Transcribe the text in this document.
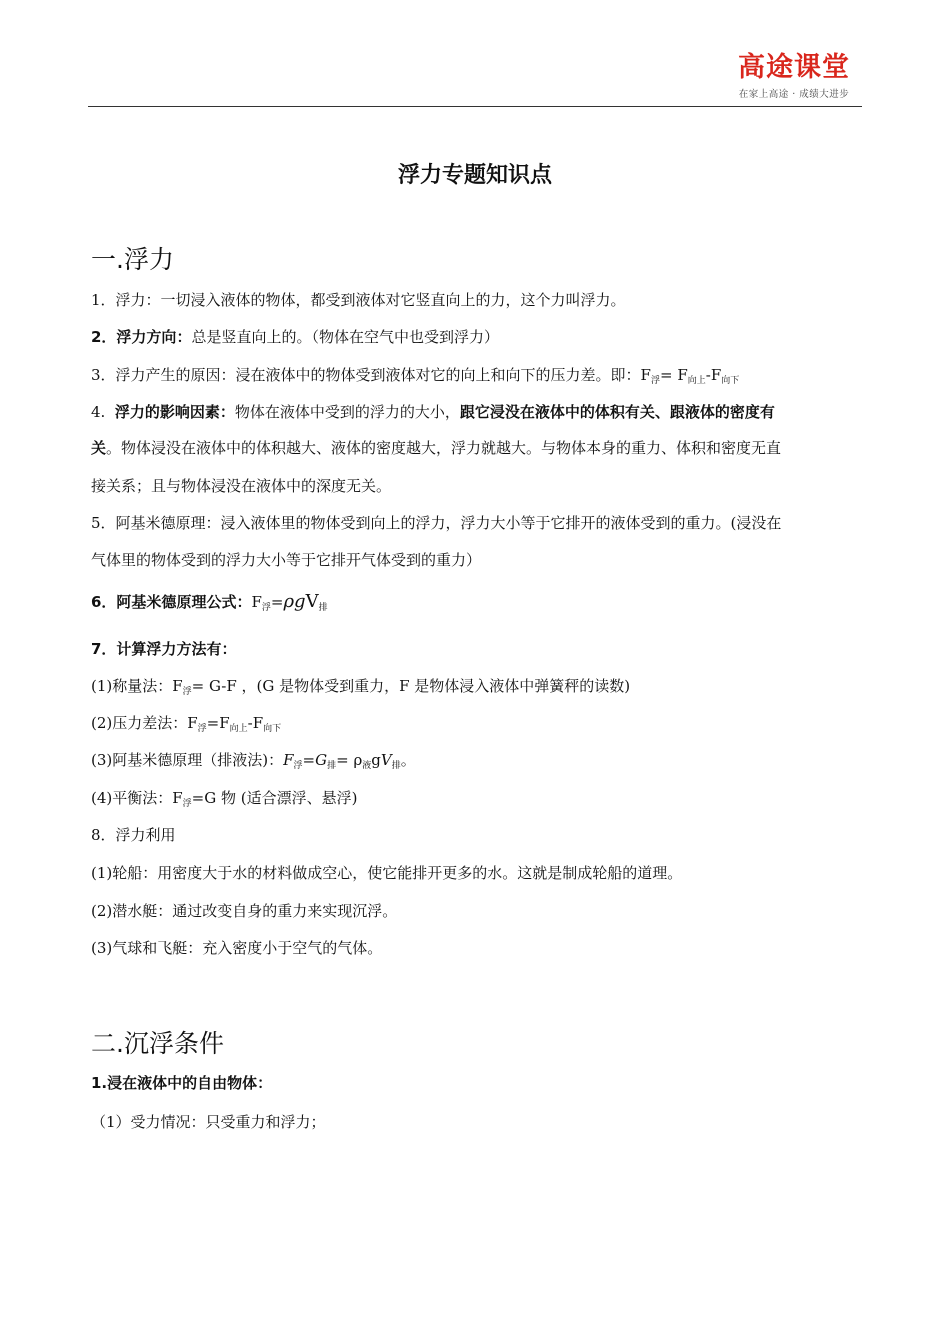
高途课堂
在家上高途 · 成绩大进步
浮力专题知识点
一.浮力
1．浮力：一切浸入液体的物体，都受到液体对它竖直向上的力，这个力叫浮力。
2．浮力方向：总是竖直向上的。（物体在空气中也受到浮力）
3．浮力产生的原因：浸在液体中的物体受到液体对它的向上和向下的压力差。即：$F_浮= F_{向上}-F_{向下}$
4. 浮力的影响因素：物体在液体中受到的浮力的大小，跟它浸没在液体中的体积有关、跟液体的密度有
关。物体浸没在液体中的体积越大、液体的密度越大，浮力就越大。与物体本身的重力、体积和密度无直
接关系；且与物体浸没在液体中的深度无关。
5．阿基米德原理：浸入液体里的物体受到向上的浮力，浮力大小等于它排开的液体受到的重力。(浸没在
气体里的物体受到的浮力大小等于它排开气体受到的重力）
6．阿基米德原理公式：$F_浮=\rho gV_排$
7．计算浮力方法有：
(1)称量法：$F_浮= G-F$ ，(G 是物体受到重力，F 是物体浸入液体中弹簧秤的读数)
(2)压力差法：$F_浮=F_{向上}-F_{向下}$
(3)阿基米德原理（排液法)：$F_浮=G_排= \rho_液gV_排$。
(4)平衡法：$F_浮=G$ 物 (适合漂浮、悬浮)
8．浮力利用
(1)轮船：用密度大于水的材料做成空心，使它能排开更多的水。这就是制成轮船的道理。
(2)潜水艇：通过改变自身的重力来实现沉浮。
(3)气球和飞艇：充入密度小于空气的气体。
二.沉浮条件
1.浸在液体中的自由物体：
（1）受力情况：只受重力和浮力；
